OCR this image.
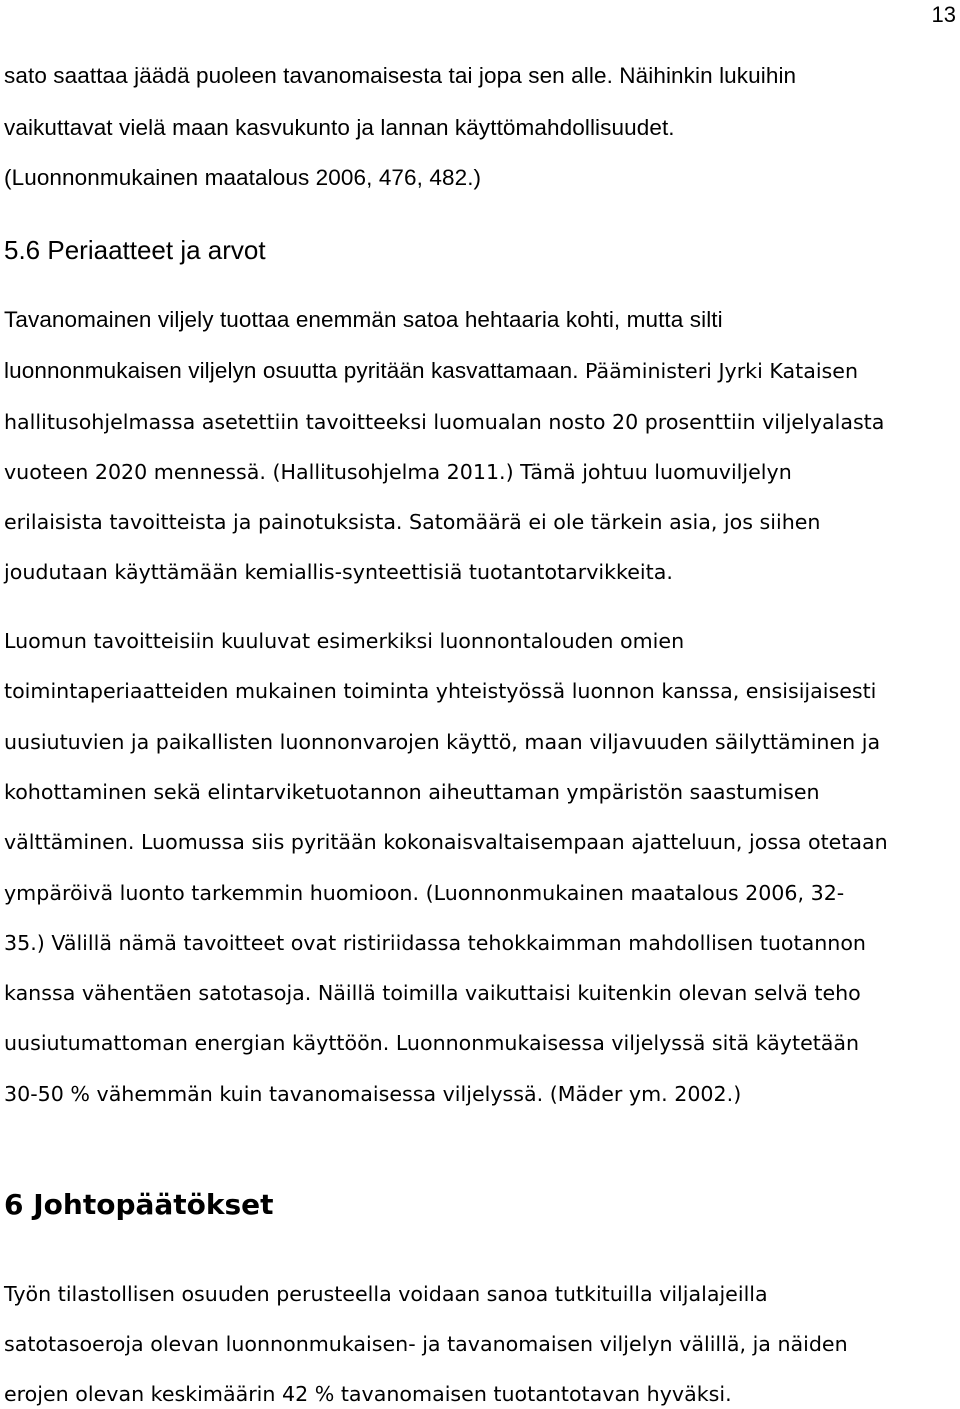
13
sato saattaa jäädä puoleen tavanomaisesta tai jopa sen alle. Näihinkin lukuihin
vaikuttavat vielä maan kasvukunto ja lannan käyttömahdollisuudet.
(Luonnonmukainen maatalous 2006, 476, 482.)
5.6 Periaatteet ja arvot
Tavanomainen viljely tuottaa enemmän satoa hehtaaria kohti, mutta silti
luonnonmukaisen viljelyn osuutta pyritään kasvattamaan. Pääministeri Jyrki Kataisen
hallitusohjelmassa asetettiin tavoitteeksi luomualan nosto 20 prosenttiin viljelyalasta
vuoteen 2020 mennessä. (Hallitusohjelma 2011.) Tämä johtuu luomuviljelyn
erilaisista tavoitteista ja painotuksista. Satomäärä ei ole tärkein asia, jos siihen
joudutaan käyttämään kemiallis-synteettisiä tuotantotarvikkeita.
Luomun tavoitteisiin kuuluvat esimerkiksi luonnontalouden omien
toimintaperiaatteiden mukainen toiminta yhteistyössä luonnon kanssa, ensisijaisesti
uusiutuvien ja paikallisten luonnonvarojen käyttö, maan viljavuuden säilyttäminen ja
kohottaminen sekä elintarviketuotannon aiheuttaman ympäristön saastumisen
välttäminen. Luomussa siis pyritään kokonaisvaltaisempaan ajatteluun, jossa otetaan
ympäröivä luonto tarkemmin huomioon. (Luonnonmukainen maatalous 2006, 32-
35.) Välillä nämä tavoitteet ovat ristiriidassa tehokkaimman mahdollisen tuotannon
kanssa vähentäen satotasoja. Näillä toimilla vaikuttaisi kuitenkin olevan selvä teho
uusiutumattoman energian käyttöön. Luonnonmukaisessa viljelyssä sitä käytetään
30-50 % vähemmän kuin tavanomaisessa viljelyssä. (Mäder ym. 2002.)
6 Johtopäätökset
Työn tilastollisen osuuden perusteella voidaan sanoa tutkituilla viljalajeilla
satotasoeroja olevan luonnonmukaisen- ja tavanomaisen viljelyn välillä, ja näiden
erojen olevan keskimäärin 42 % tavanomaisen tuotantotavan hyväksi.
